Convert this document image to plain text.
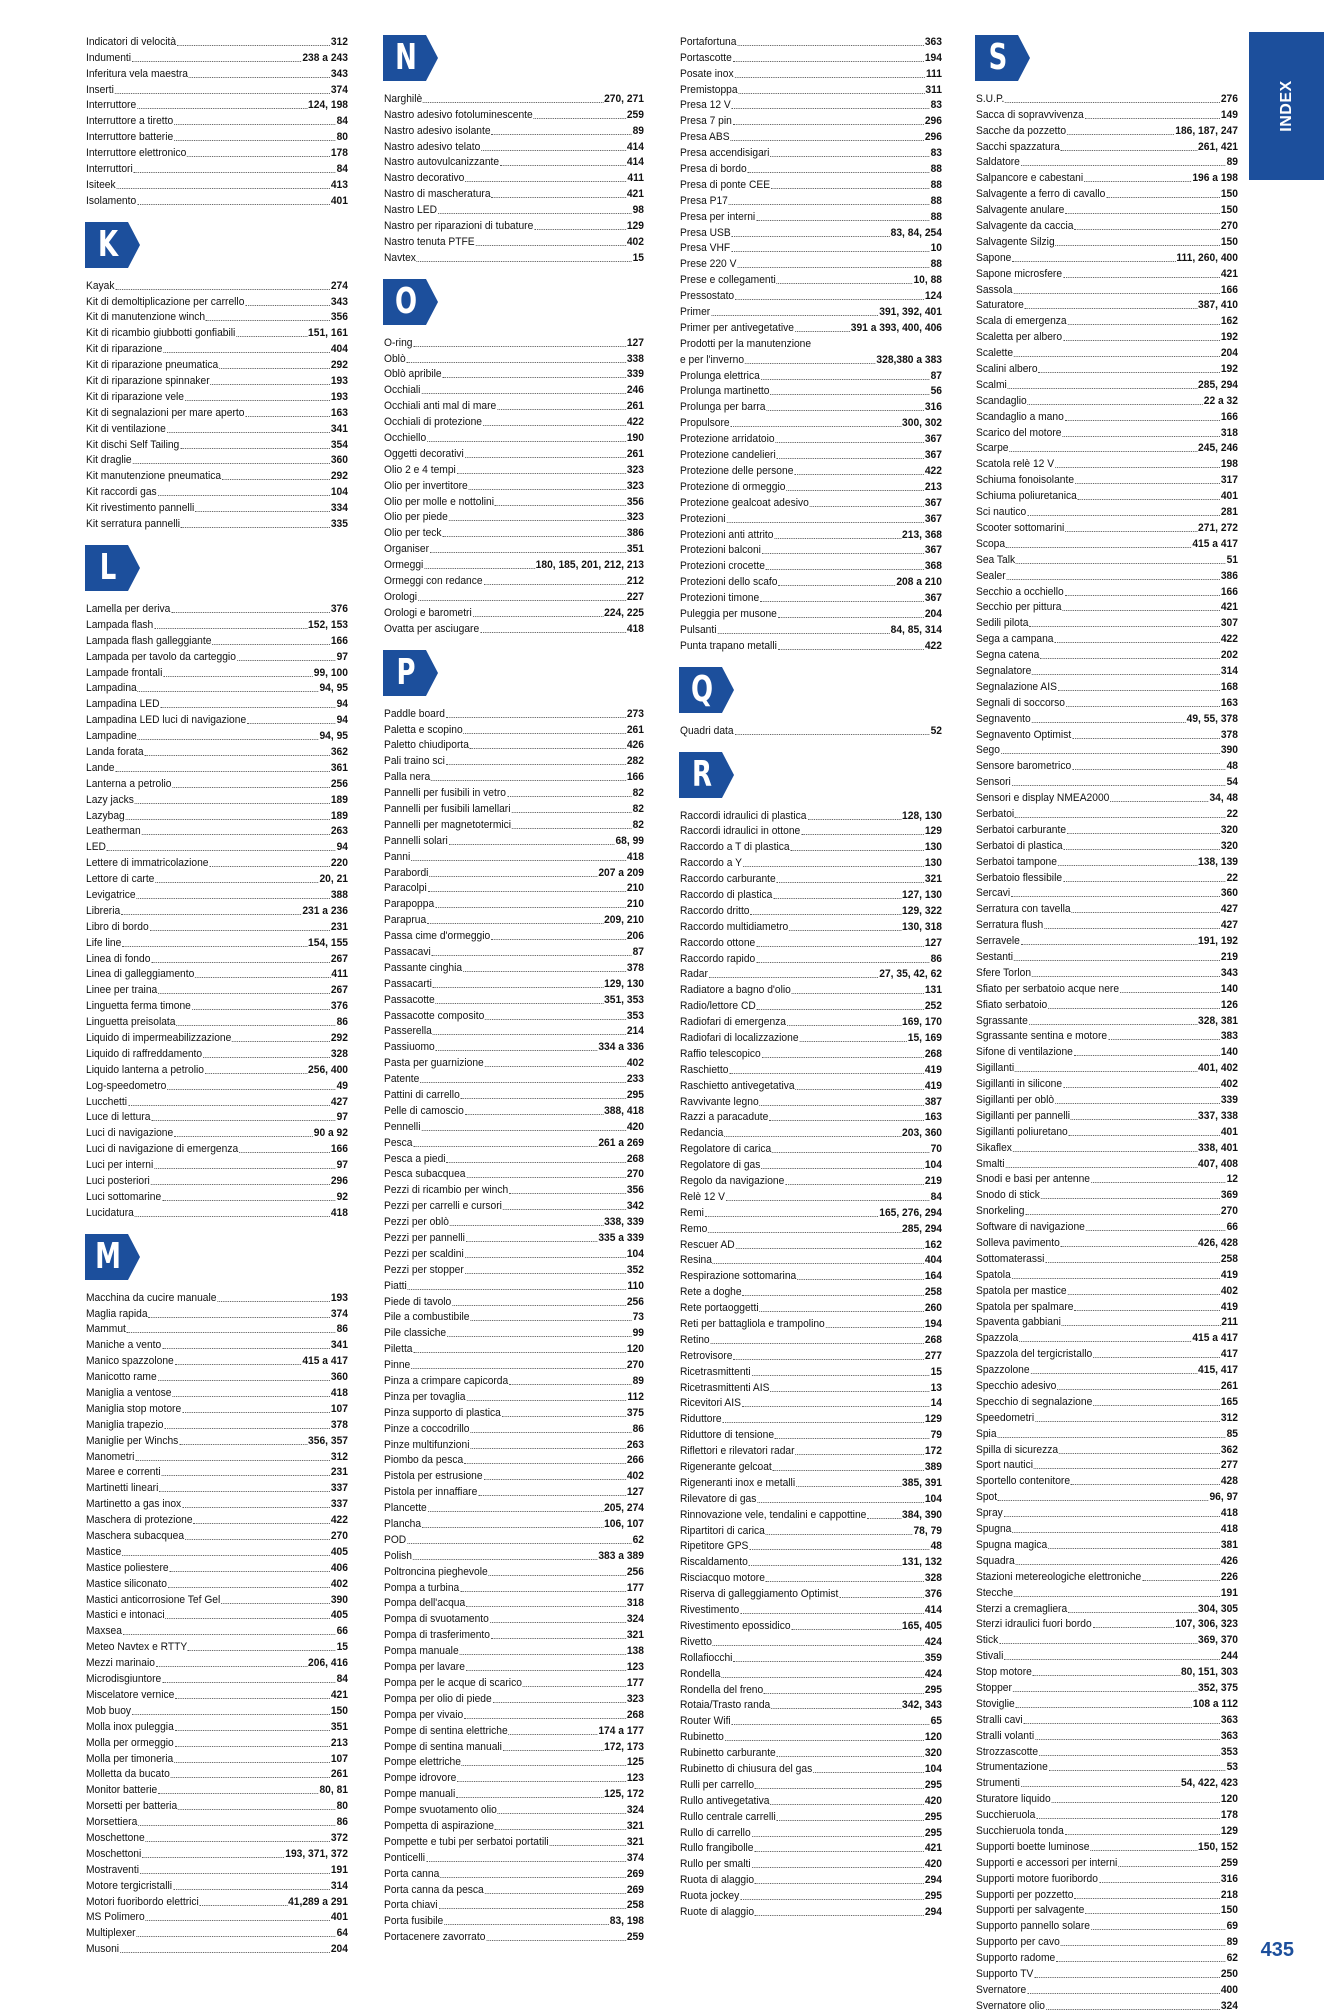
Indicatori di velocità	312
Indumenti	238 a 243
Inferitura vela maestra	343
Inserti	374
Interruttore	124, 198
Interruttore a tiretto	84
Interruttore batterie	80
Interruttore elettronico	178
Interruttori	84
Isiteek	413
Isolamento	401
K
Kayak	274
Kit di demoltiplicazione per carrello	343
Kit di manutenzione winch	356
Kit di ricambio giubbotti gonfiabili	151, 161
Kit di riparazione	404
Kit di riparazione pneumatica	292
Kit di riparazione spinnaker	193
Kit di riparazione vele	193
Kit di segnalazioni per mare aperto	163
Kit di ventilazione	341
Kit dischi Self Tailing	354
Kit draglie	360
Kit manutenzione pneumatica	292
Kit raccordi gas	104
Kit rivestimento pannelli	334
Kit serratura pannelli	335
L
Lamella per deriva	376
Lampada flash	152, 153
Lampada flash galleggiante	166
Lampada per tavolo da carteggio	97
Lampade frontali	99, 100
Lampadina	94, 95
Lampadina LED	94
Lampadina LED luci di navigazione	94
Lampadine	94, 95
Landa forata	362
Lande	361
Lanterna a petrolio	256
Lazy jacks	189
Lazybag	189
Leatherman	263
LED	94
Lettere di immatricolazione	220
Lettore di carte	20, 21
Levigatrice	388
Libreria	231 a 236
Libro di bordo	231
Life line	154, 155
Linea di fondo	267
Linea di galleggiamento	411
Linee per traina	267
Linguetta ferma timone	376
Linguetta preisolata	86
Liquido di impermeabilizzazione	292
Liquido di raffreddamento	328
Liquido lanterna a petrolio	256, 400
Log-speedometro	49
Lucchetti	427
Luce di lettura	97
Luci di navigazione	90 a 92
Luci di navigazione di emergenza	166
Luci per interni	97
Luci posteriori	296
Luci sottomarine	92
Lucidatura	418
M
Macchina da cucire manuale	193
Maglia rapida	374
Mammut	86
Maniche a vento	341
Manico spazzolone	415 a 417
Manicotto rame	360
Maniglia a ventose	418
Maniglia stop motore	107
Maniglia trapezio	378
Maniglie per Winchs	356, 357
Manometri	312
Maree e correnti	231
Martinetti lineari	337
Martinetto a gas inox	337
Maschera di protezione	422
Maschera subacquea	270
Mastice	405
Mastice poliestere	406
Mastice siliconato	402
Mastici anticorrosione Tef Gel	390
Mastici e intonaci	405
Maxsea	66
Meteo Navtex e RTTY	15
Mezzi marinaio	206, 416
Microdisgiuntore	84
Miscelatore vernice	421
Mob buoy	150
Molla inox puleggia	351
Molla per ormeggio	213
Molla per timoneria	107
Molletta da bucato	261
Monitor batterie	80, 81
Morsetti per batteria	80
Morsettiera	86
Moschettone	372
Moschettoni	193, 371, 372
Mostraventi	191
Motore tergicristalli	314
Motori fuoribordo elettrici	41,289 a 291
MS Polimero	401
Multiplexer	64
Musoni	204
N
Narghilè	270, 271
Nastro adesivo fotoluminescente	259
Nastro adesivo isolante	89
Nastro adesivo telato	414
Nastro autovulcanizzante	414
Nastro decorativo	411
Nastro di mascheratura	421
Nastro LED	98
Nastro per riparazioni di tubature	129
Nastro tenuta PTFE	402
Navtex	15
O
O-ring	127
Oblò	338
Oblò apribile	339
Occhiali	246
Occhiali anti mal di mare	261
Occhiali di protezione	422
Occhiello	190
Oggetti decorativi	261
Olio 2 e 4 tempi	323
Olio per invertitore	323
Olio per molle e nottolini	356
Olio per piede	323
Olio per teck	386
Organiser	351
Ormeggi	180, 185, 201, 212, 213
Ormeggi con redance	212
Orologi	227
Orologi e barometri	224, 225
Ovatta per asciugare	418
P
Paddle board	273
Paletta e scopino	261
Paletto chiudiporta	426
Pali traino sci	282
Palla nera	166
Pannelli per fusibili in vetro	82
Pannelli per fusibili lamellari	82
Pannelli per magnetotermici	82
Pannelli solari	68, 99
Panni	418
Parabordi	207 a 209
Paracolpi	210
Parapoppa	210
Paraprua	209, 210
Passa cime d'ormeggio	206
Passacavi	87
Passante cinghia	378
Passacarti	129, 130
Passacotte	351, 353
Passacotte composito	353
Passerella	214
Passiuomo	334 a 336
Pasta per guarnizione	402
Patente	233
Pattini di carrello	295
Pelle di camoscio	388, 418
Pennelli	420
Pesca	261 a 269
Pesca a piedi	268
Pesca subacquea	270
Pezzi di ricambio per winch	356
Pezzi per carrelli e cursori	342
Pezzi per oblò	338, 339
Pezzi per pannelli	335 a 339
Pezzi per scaldini	104
Pezzi per stopper	352
Piatti	110
Piede di tavolo	256
Pile a combustibile	73
Pile classiche	99
Piletta	120
Pinne	270
Pinza a crimpare capicorda	89
Pinza per tovaglia	112
Pinza supporto di plastica	375
Pinze a coccodrillo	86
Pinze multifunzioni	263
Piombo da pesca	266
Pistola per estrusione	402
Pistola per innaffiare	127
Plancette	205, 274
Plancha	106, 107
POD	62
Polish	383 a 389
Poltroncina pieghevole	256
Pompa a turbina	177
Pompa dell'acqua	318
Pompa di svuotamento	324
Pompa di trasferimento	321
Pompa manuale	138
Pompa per lavare	123
Pompa per le acque di scarico	177
Pompa per olio di piede	323
Pompa per vivaio	268
Pompe di sentina elettriche	174 a 177
Pompe di sentina manuali	172, 173
Pompe elettriche	125
Pompe idrovore	123
Pompe manuali	125, 172
Pompe svuotamento olio	324
Pompetta di aspirazione	321
Pompette e tubi per serbatoi portatili	321
Ponticelli	374
Porta canna	269
Porta canna da pesca	269
Porta chiavi	258
Porta fusibile	83, 198
Portacenere zavorrato	259
Portafortuna	363
Portascotte	194
Posate inox	111
Premistoppa	311
Presa 12 V	83
Presa 7 pin	296
Presa ABS	296
Presa accendisigari	83
Presa di bordo	88
Presa di ponte CEE	88
Presa P17	88
Presa per interni	88
Presa USB	83, 84, 254
Presa VHF	10
Prese 220 V	88
Prese e collegamenti	10, 88
Pressostato	124
Primer	391, 392, 401
Primer per antivegetative	391 a 393, 400, 406
Prodotti per la manutenzione
e per l'inverno	328,380 a 383
Prolunga elettrica	87
Prolunga martinetto	56
Prolunga per barra	316
Propulsore	300, 302
Protezione arridatoio	367
Protezione candelieri	367
Protezione delle persone	422
Protezione di ormeggio	213
Protezione gealcoat adesivo	367
Protezioni	367
Protezioni anti attrito	213, 368
Protezioni balconi	367
Protezioni crocette	368
Protezioni dello scafo	208 a 210
Protezioni timone	367
Puleggia per musone	204
Pulsanti	84, 85, 314
Punta trapano metalli	422
Q
Quadri data	52
R
Raccordi idraulici di plastica	128, 130
Raccordi idraulici in ottone	129
Raccordo a T di plastica	130
Raccordo a Y	130
Raccordo carburante	321
Raccordo di plastica	127, 130
Raccordo dritto	129, 322
Raccordo multidiametro	130, 318
Raccordo ottone	127
Raccordo rapido	86
Radar	27, 35, 42, 62
Radiatore a bagno d'olio	131
Radio/lettore CD	252
Radiofari di emergenza	169, 170
Radiofari di localizzazione	15, 169
Raffio telescopico	268
Raschietto	419
Raschietto antivegetativa	419
Ravvivante legno	387
Razzi a paracadute	163
Redancia	203, 360
Regolatore di carica	70
Regolatore di gas	104
Regolo da navigazione	219
Relè 12 V	84
Remi	165, 276, 294
Remo	285, 294
Rescuer AD	162
Resina	404
Respirazione sottomarina	164
Rete a doghe	258
Rete portaoggetti	260
Reti per battagliola e trampolino	194
Retino	268
Retrovisore	277
Ricetrasmittenti	15
Ricetrasmittenti AIS	13
Ricevitori AIS	14
Riduttore	129
Riduttore di tensione	79
Riflettori e rilevatori radar	172
Rigenerante gelcoat	389
Rigeneranti inox e metalli	385, 391
Rilevatore di gas	104
Rinnovazione vele, tendalini e cappottine	384, 390
Ripartitori di carica	78, 79
Ripetitore GPS	48
Riscaldamento	131, 132
Risciacquo motore	328
Riserva di galleggiamento Optimist	376
Rivestimento	414
Rivestimento epossidico	165, 405
Rivetto	424
Rollafiocchi	359
Rondella	424
Rondella del freno	295
Rotaia/Trasto randa	342, 343
Router Wifi	65
Rubinetto	120
Rubinetto carburante	320
Rubinetto di chiusura del gas	104
Rulli per carrello	295
Rullo antivegetativa	420
Rullo centrale carrelli	295
Rullo di carrello	295
Rullo frangibolle	421
Rullo per smalti	420
Ruota di alaggio	294
Ruota jockey	295
Ruote di alaggio	294
S
S.U.P.	276
Sacca di sopravvivenza	149
Sacche da pozzetto	186, 187, 247
Sacchi spazzatura	261, 421
Saldatore	89
Salpancore e cabestani	196 a 198
Salvagente a ferro di cavallo	150
Salvagente anulare	150
Salvagente da caccia	270
Salvagente Silzig	150
Sapone	111, 260, 400
Sapone microsfere	421
Sassola	166
Saturatore	387, 410
Scala di emergenza	162
Scaletta per albero	192
Scalette	204
Scalini albero	192
Scalmi	285, 294
Scandaglio	22 a 32
Scandaglio a mano	166
Scarico del motore	318
Scarpe	245, 246
Scatola relè 12 V	198
Schiuma fonoisolante	317
Schiuma poliuretanica	401
Sci nautico	281
Scooter sottomarini	271, 272
Scopa	415 a 417
Sea Talk	51
Sealer	386
Secchio a occhiello	166
Secchio per pittura	421
Sedili pilota	307
Sega a campana	422
Segna catena	202
Segnalatore	314
Segnalazione AIS	168
Segnali di soccorso	163
Segnavento	49, 55, 378
Segnavento Optimist	378
Sego	390
Sensore barometrico	48
Sensori	54
Sensori e display NMEA2000	34, 48
Serbatoi	22
Serbatoi carburante	320
Serbatoi di plastica	320
Serbatoi tampone	138, 139
Serbatoio flessibile	22
Sercavi	360
Serratura con tavella	427
Serratura flush	427
Serravele	191, 192
Sestanti	219
Sfere Torlon	343
Sfiato per serbatoio acque nere	140
Sfiato serbatoio	126
Sgrassante	328, 381
Sgrassante sentina e motore	383
Sifone di ventilazione	140
Sigillanti	401, 402
Sigillanti in silicone	402
Sigillanti per oblò	339
Sigillanti per pannelli	337, 338
Sigillanti poliuretano	401
Sikaflex	338, 401
Smalti	407, 408
Snodi e basi per antenne	12
Snodo di stick	369
Snorkeling	270
Software di navigazione	66
Solleva pavimento	426, 428
Sottomaterassi	258
Spatola	419
Spatola per mastice	402
Spatola per spalmare	419
Spaventa gabbiani	211
Spazzola	415 a 417
Spazzola del tergicristallo	417
Spazzolone	415, 417
Specchio adesivo	261
Specchio di segnalazione	165
Speedometri	312
Spia	85
Spilla di sicurezza	362
Sport nautici	277
Sportello contenitore	428
Spot	96, 97
Spray	418
Spugna	418
Spugna magica	381
Squadra	426
Stazioni metereologiche elettroniche	226
Stecche	191
Sterzi a cremagliera	304, 305
Sterzi idraulici fuori bordo	107, 306, 323
Stick	369, 370
Stivali	244
Stop motore	80, 151, 303
Stopper	352, 375
Stoviglie	108 a 112
Stralli cavi	363
Stralli volanti	363
Strozzascotte	353
Strumentazione	53
Strumenti	54, 422, 423
Sturatore liquido	120
Succhieruola	178
Succhieruola tonda	129
Supporti boette luminose	150, 152
Supporti e accessori per interni	259
Supporti motore fuoribordo	316
Supporti per pozzetto	218
Supporti per salvagente	150
Supporto pannello solare	69
Supporto per cavo	89
Supporto radome	62
Supporto TV	250
Svernatore	400
Svernatore olio	324
INDEX
435
